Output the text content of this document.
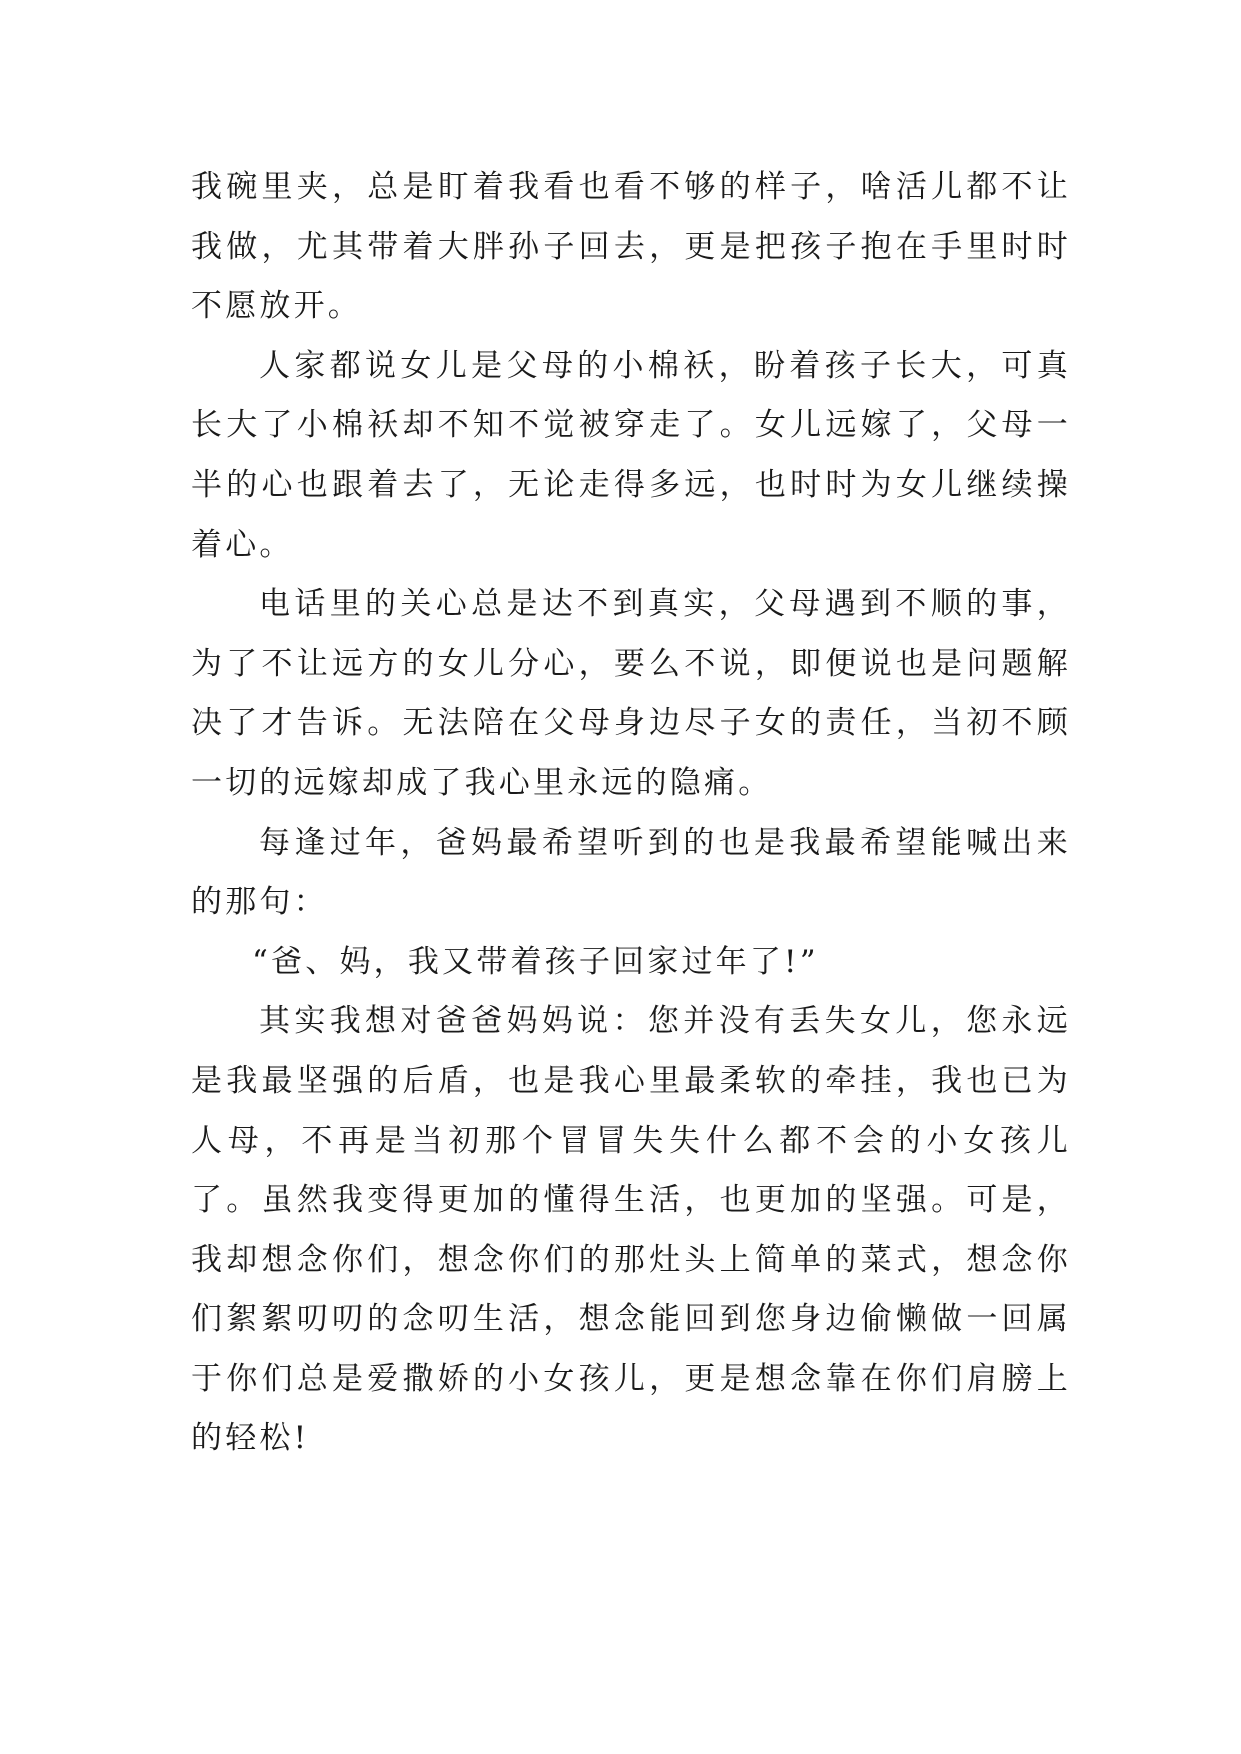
我碗里夹，总是盯着我看也看不够的样子，啥活儿都不让我做，尤其带着大胖孙子回去，更是把孩子抱在手里时时不愿放开。

人家都说女儿是父母的小棉袄，盼着孩子长大，可真长大了小棉袄却不知不觉被穿走了。女儿远嫁了，父母一半的心也跟着去了，无论走得多远，也时时为女儿继续操着心。

电话里的关心总是达不到真实，父母遇到不顺的事，为了不让远方的女儿分心，要么不说，即便说也是问题解决了才告诉。无法陪在父母身边尽子女的责任，当初不顾一切的远嫁却成了我心里永远的隐痛。

每逢过年，爸妈最希望听到的也是我最希望能喊出来的那句：

“爸、妈，我又带着孩子回家过年了!”

其实我想对爸爸妈妈说：您并没有丢失女儿，您永远是我最坚强的后盾，也是我心里最柔软的牵挂，我也已为人母，不再是当初那个冒冒失失什么都不会的小女孩儿了。虽然我变得更加的懂得生活，也更加的坚强。可是，我却想念你们，想念你们的那灶头上简单的菜式，想念你们絮絮叨叨的念叨生活，想念能回到您身边偷懒做一回属于你们总是爱撒娇的小女孩儿，更是想念靠在你们肩膀上的轻松!
